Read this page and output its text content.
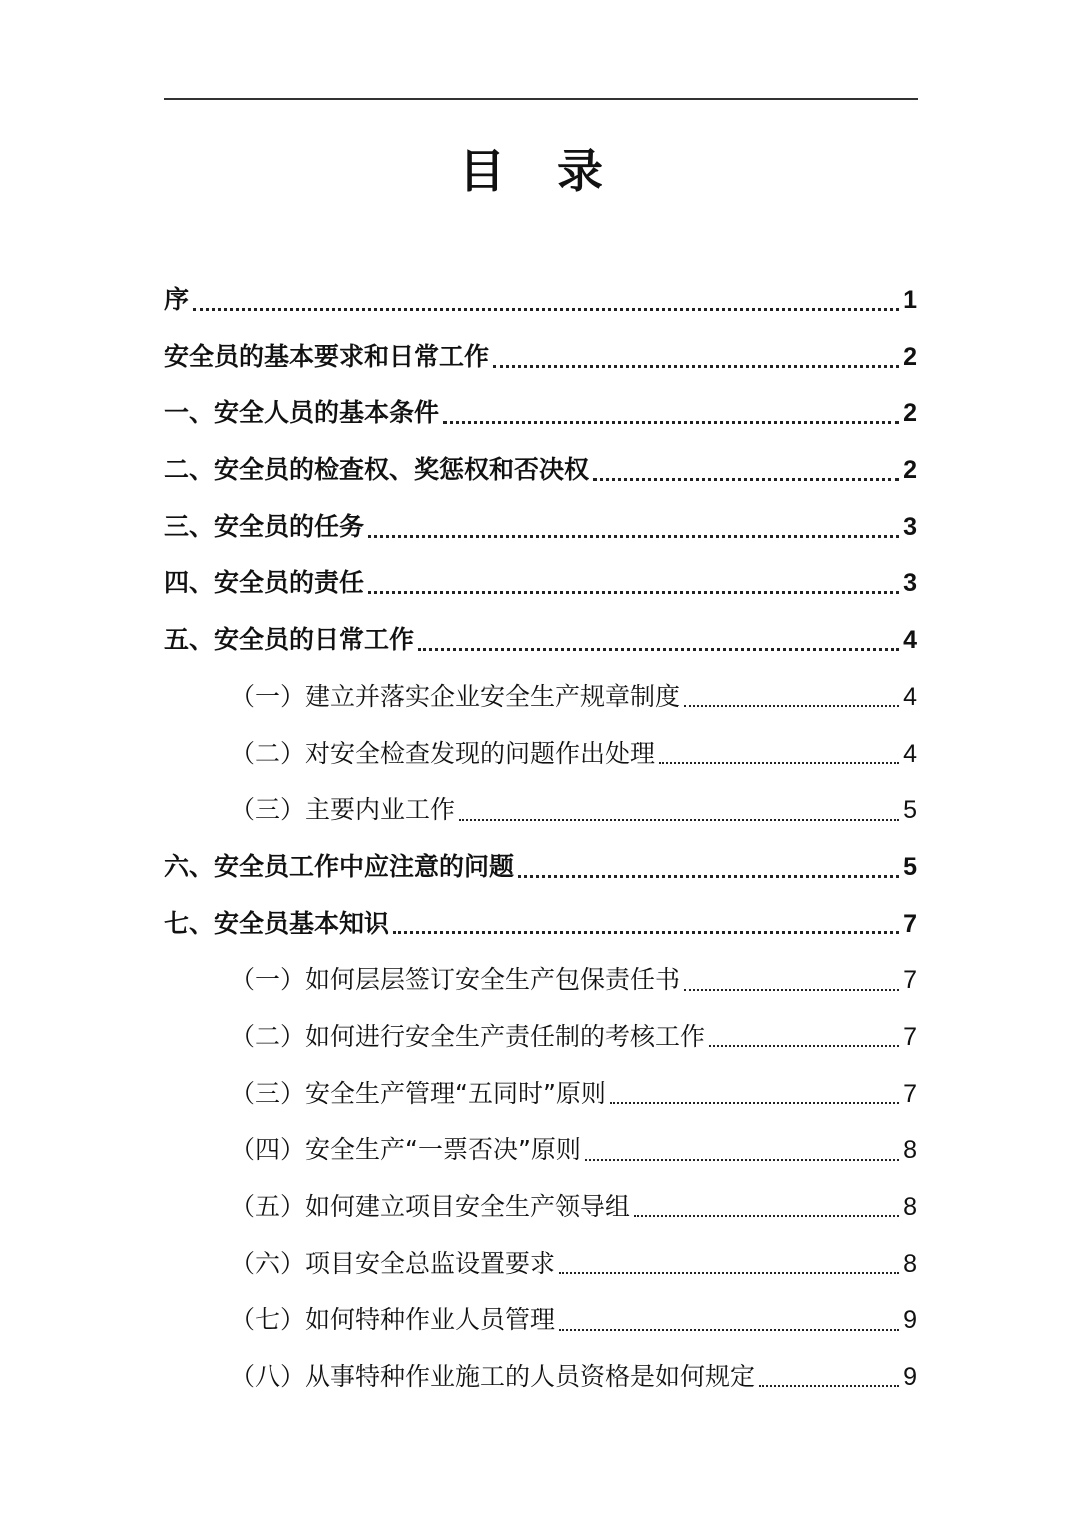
目 录
序	1
安全员的基本要求和日常工作	2
一、安全人员的基本条件	2
二、安全员的检查权、奖惩权和否决权	2
三、安全员的任务	3
四、安全员的责任	3
五、安全员的日常工作	4
（一）建立并落实企业安全生产规章制度	4
（二）对安全检查发现的问题作出处理	4
（三）主要内业工作	5
六、安全员工作中应注意的问题	5
七、安全员基本知识	7
（一）如何层层签订安全生产包保责任书	7
（二）如何进行安全生产责任制的考核工作	7
（三）安全生产管理“五同时”原则	7
（四）安全生产“一票否决”原则	8
（五）如何建立项目安全生产领导组	8
（六）项目安全总监设置要求	8
（七）如何特种作业人员管理	9
（八）从事特种作业施工的人员资格是如何规定	9
